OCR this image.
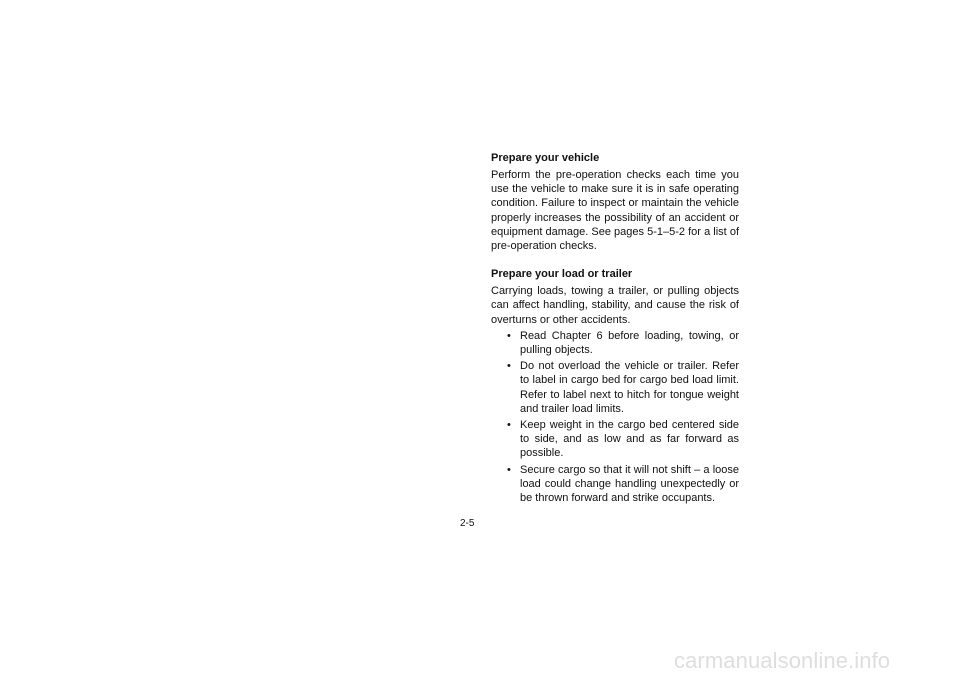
Prepare your vehicle

Perform the pre-operation checks each time you use the vehicle to make sure it is in safe operating condition. Failure to inspect or maintain the vehicle properly increases the possibility of an accident or equipment damage. See pages 5-1–5-2 for a list of pre-operation checks.

Prepare your load or trailer

Carrying loads, towing a trailer, or pulling objects can affect handling, stability, and cause the risk of overturns or other accidents.

• Read Chapter 6 before loading, towing, or pulling objects.
• Do not overload the vehicle or trailer. Refer to label in cargo bed for cargo bed load limit. Refer to label next to hitch for tongue weight and trailer load limits.
• Keep weight in the cargo bed centered side to side, and as low and as far forward as possible.
• Secure cargo so that it will not shift – a loose load could change handling unexpectedly or be thrown forward and strike occupants.
2-5
carmanualsonline.info
